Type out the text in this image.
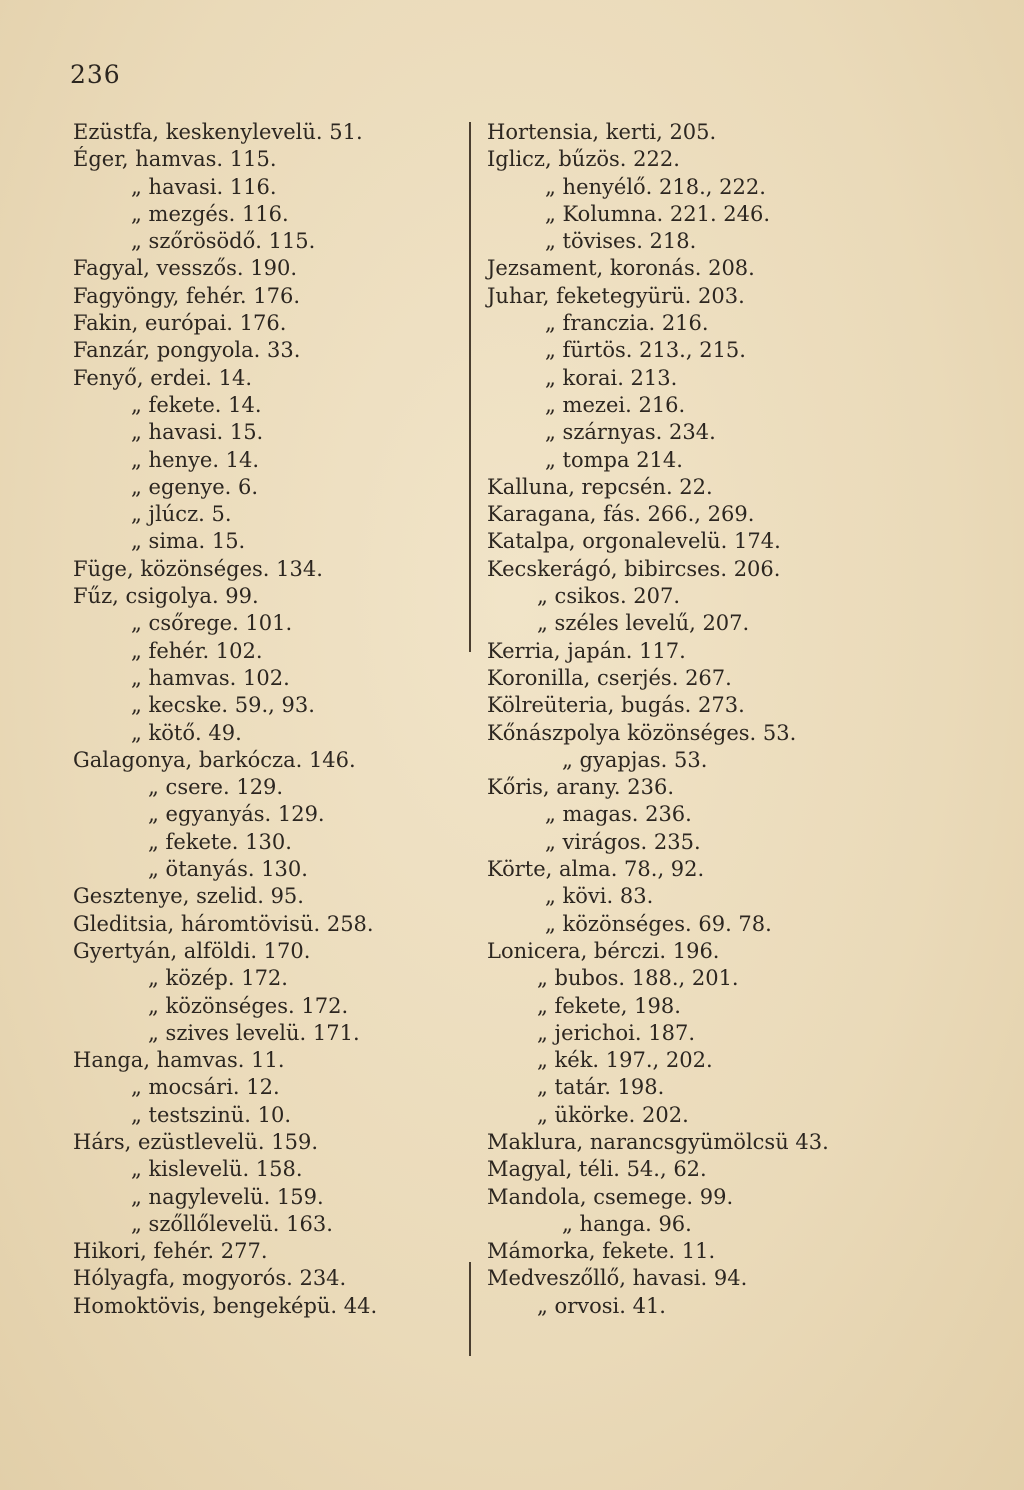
236
Ezüstfa, keskenylevelü. 51.
Éger, hamvas. 115.
„ havasi. 116.
„ mezgés. 116.
„ szőrösödő. 115.
Fagyal, vesszős. 190.
Fagyöngy, fehér. 176.
Fakin, európai. 176.
Fanzár, pongyola. 33.
Fenyő, erdei. 14.
„ fekete. 14.
„ havasi. 15.
„ henye. 14.
„ egenye. 6.
„ jlúcz. 5.
„ sima. 15.
Füge, közönséges. 134.
Fűz, csigolya. 99.
„ csőrege. 101.
„ fehér. 102.
„ hamvas. 102.
„ kecske. 59., 93.
„ kötő. 49.
Galagonya, barkócza. 146.
„ csere. 129.
„ egyanyás. 129.
„ fekete. 130.
„ ötanyás. 130.
Gesztenye, szelid. 95.
Gleditsia, háromtövisü. 258.
Gyertyán, alföldi. 170.
„ közép. 172.
„ közönséges. 172.
„ szives levelü. 171.
Hanga, hamvas. 11.
„ mocsári. 12.
„ testszinü. 10.
Hárs, ezüstlevelü. 159.
„ kislevelü. 158.
„ nagylevelü. 159.
„ szőllőlevelü. 163.
Hikori, fehér. 277.
Hólyagfa, mogyorós. 234.
Homoktövis, bengeképü. 44.
Hortensia, kerti, 205.
Iglicz, bűzös. 222.
„ henyélő. 218., 222.
„ Kolumna. 221. 246.
„ tövises. 218.
Jezsament, koronás. 208.
Juhar, feketegyürü. 203.
„ franczia. 216.
„ fürtös. 213., 215.
„ korai. 213.
„ mezei. 216.
„ szárnyas. 234.
„ tompa 214.
Kalluna, repcsén. 22.
Karagana, fás. 266., 269.
Katalpa, orgonalevelü. 174.
Kecskerágó, bibircses. 206.
„ csikos. 207.
„ széles levelű, 207.
Kerria, japán. 117.
Koronilla, cserjés. 267.
Kölreüteria, bugás. 273.
Kőnászpolya közönséges. 53.
„ gyapjas. 53.
Kőris, arany. 236.
„ magas. 236.
„ virágos. 235.
Körte, alma. 78., 92.
„ kövi. 83.
„ közönséges. 69. 78.
Lonicera, bérczi. 196.
„ bubos. 188., 201.
„ fekete, 198.
„ jerichoi. 187.
„ kék. 197., 202.
„ tatár. 198.
„ ükörke. 202.
Maklura, narancsgyümölcsü 43.
Magyal, téli. 54., 62.
Mandola, csemege. 99.
„ hanga. 96.
Mámorka, fekete. 11.
Medveszőllő, havasi. 94.
„ orvosi. 41.
